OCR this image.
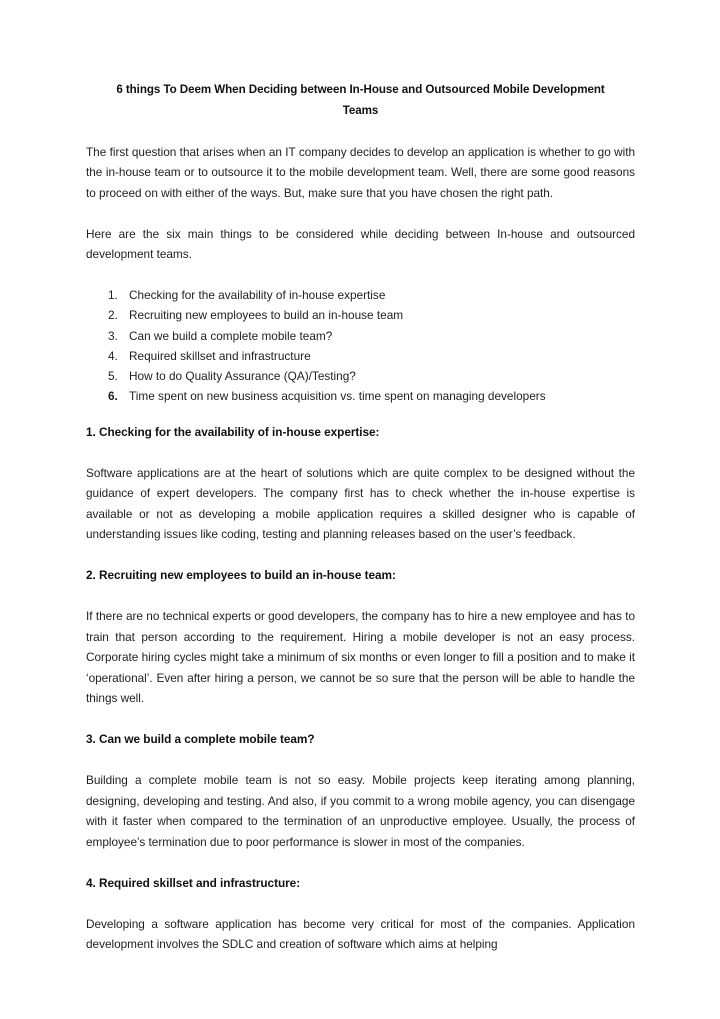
6 things To Deem When Deciding between In-House and Outsourced Mobile Development
Teams

The first question that arises when an IT company decides to develop an application is whether to go with the in-house team or to outsource it to the mobile development team. Well, there are some good reasons to proceed on with either of the ways. But, make sure that you have chosen the right path.

Here are the six main things to be considered while deciding between In-house and outsourced development teams.

1. Checking for the availability of in-house expertise
2. Recruiting new employees to build an in-house team
3. Can we build a complete mobile team?
4. Required skillset and infrastructure
5. How to do Quality Assurance (QA)/Testing?
6. Time spent on new business acquisition vs. time spent on managing developers

1. Checking for the availability of in-house expertise:

Software applications are at the heart of solutions which are quite complex to be designed without the guidance of expert developers. The company first has to check whether the in-house expertise is available or not as developing a mobile application requires a skilled designer who is capable of understanding issues like coding, testing and planning releases based on the user’s feedback.

2. Recruiting new employees to build an in-house team:

If there are no technical experts or good developers, the company has to hire a new employee and has to train that person according to the requirement. Hiring a mobile developer is not an easy process. Corporate hiring cycles might take a minimum of six months or even longer to fill a position and to make it ‘operational’. Even after hiring a person, we cannot be so sure that the person will be able to handle the things well.

3. Can we build a complete mobile team?

Building a complete mobile team is not so easy. Mobile projects keep iterating among planning, designing, developing and testing. And also, if you commit to a wrong mobile agency, you can disengage with it faster when compared to the termination of an unproductive employee. Usually, the process of employee’s termination due to poor performance is slower in most of the companies.

4. Required skillset and infrastructure:

Developing a software application has become very critical for most of the companies. Application development involves the SDLC and creation of software which aims at helping
